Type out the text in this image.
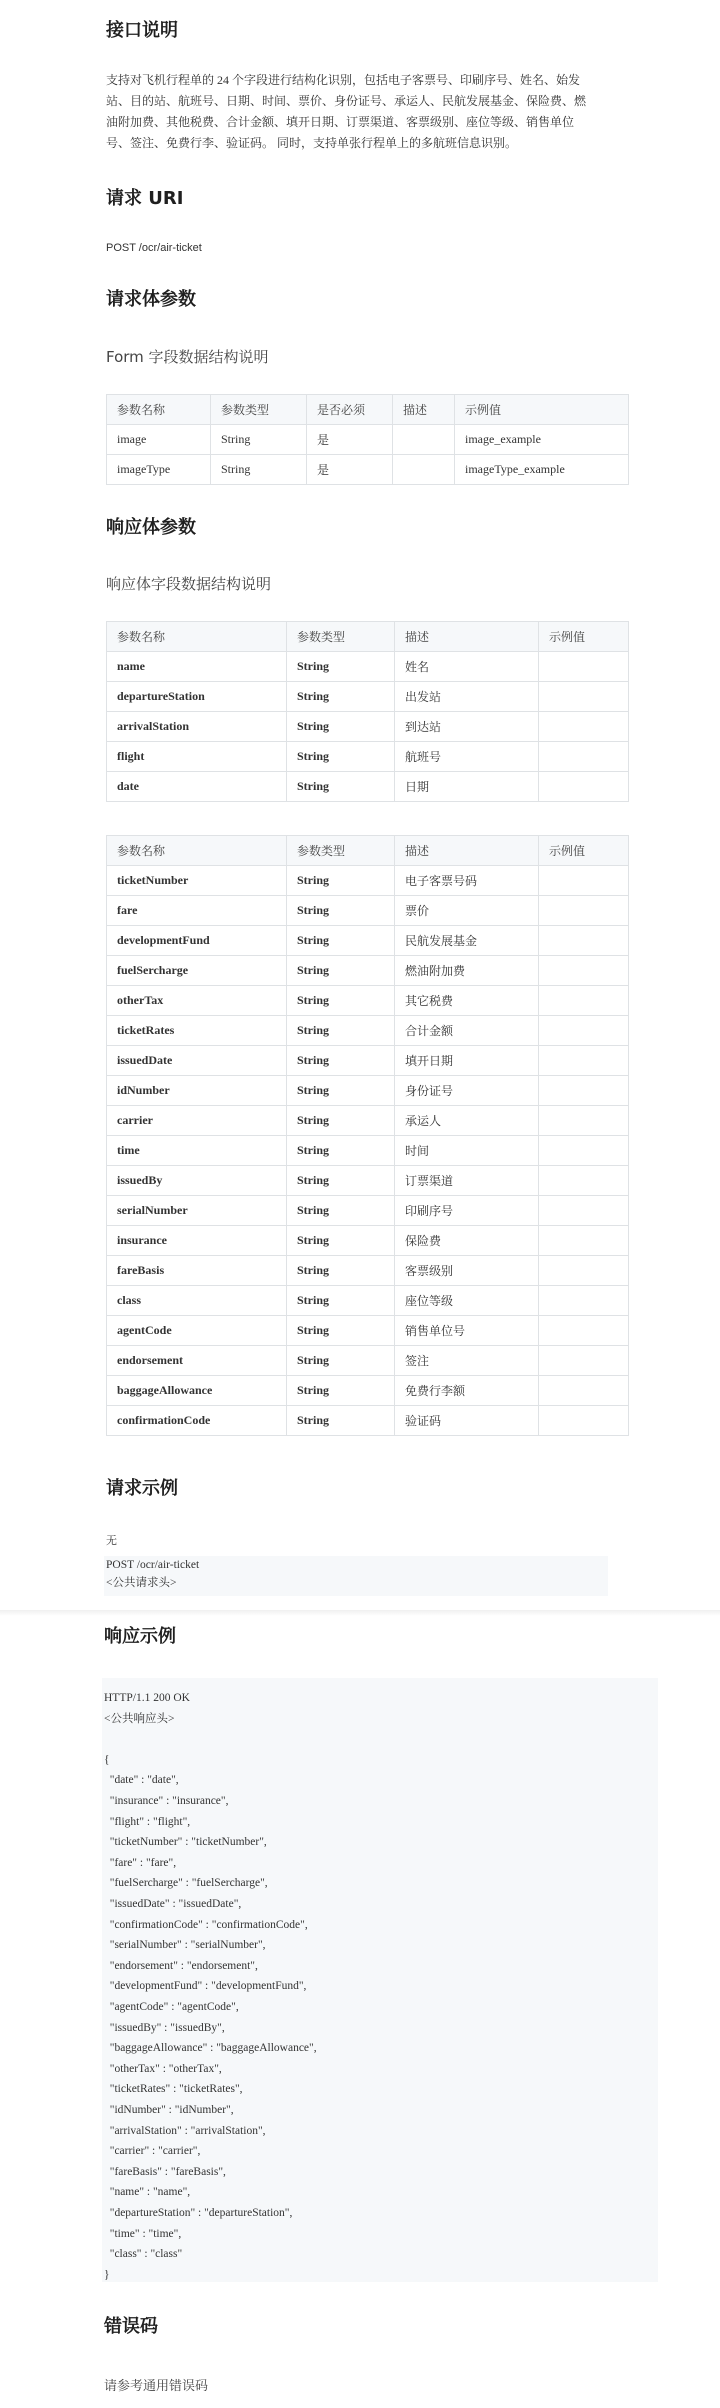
接口说明
支持对飞机行程单的 24 个字段进行结构化识别，包括电子客票号、印刷序号、姓名、始发站、目的站、航班号、日期、时间、票价、身份证号、承运人、民航发展基金、保险费、燃油附加费、其他税费、合计金额、填开日期、订票渠道、客票级别、座位等级、销售单位号、签注、免费行李、验证码。 同时，支持单张行程单上的多航班信息识别。
请求 URI
POST /ocr/air-ticket
请求体参数
Form 字段数据结构说明
参数名称	参数类型	是否必须	描述	示例值
image	String	是		image_example
imageType	String	是		imageType_example
响应体参数
响应体字段数据结构说明
参数名称	参数类型	描述	示例值
name	String	姓名	
departureStation	String	出发站	
arrivalStation	String	到达站	
flight	String	航班号	
date	String	日期	
参数名称	参数类型	描述	示例值
ticketNumber	String	电子客票号码	
fare	String	票价	
developmentFund	String	民航发展基金	
fuelSercharge	String	燃油附加费	
otherTax	String	其它税费	
ticketRates	String	合计金额	
issuedDate	String	填开日期	
idNumber	String	身份证号	
carrier	String	承运人	
time	String	时间	
issuedBy	String	订票渠道	
serialNumber	String	印刷序号	
insurance	String	保险费	
fareBasis	String	客票级别	
class	String	座位等级	
agentCode	String	销售单位号	
endorsement	String	签注	
baggageAllowance	String	免费行李额	
confirmationCode	String	验证码	
请求示例
无
POST /ocr/air-ticket
<公共请求头>
响应示例
HTTP/1.1 200 OK
<公共响应头>
{
"date" : "date",
"insurance" : "insurance",
"flight" : "flight",
"ticketNumber" : "ticketNumber",
"fare" : "fare",
"fuelSercharge" : "fuelSercharge",
"issuedDate" : "issuedDate",
"confirmationCode" : "confirmationCode",
"serialNumber" : "serialNumber",
"endorsement" : "endorsement",
"developmentFund" : "developmentFund",
"agentCode" : "agentCode",
"issuedBy" : "issuedBy",
"baggageAllowance" : "baggageAllowance",
"otherTax" : "otherTax",
"ticketRates" : "ticketRates",
"idNumber" : "idNumber",
"arrivalStation" : "arrivalStation",
"carrier" : "carrier",
"fareBasis" : "fareBasis",
"name" : "name",
"departureStation" : "departureStation",
"time" : "time",
"class" : "class"
}
错误码
请参考通用错误码
